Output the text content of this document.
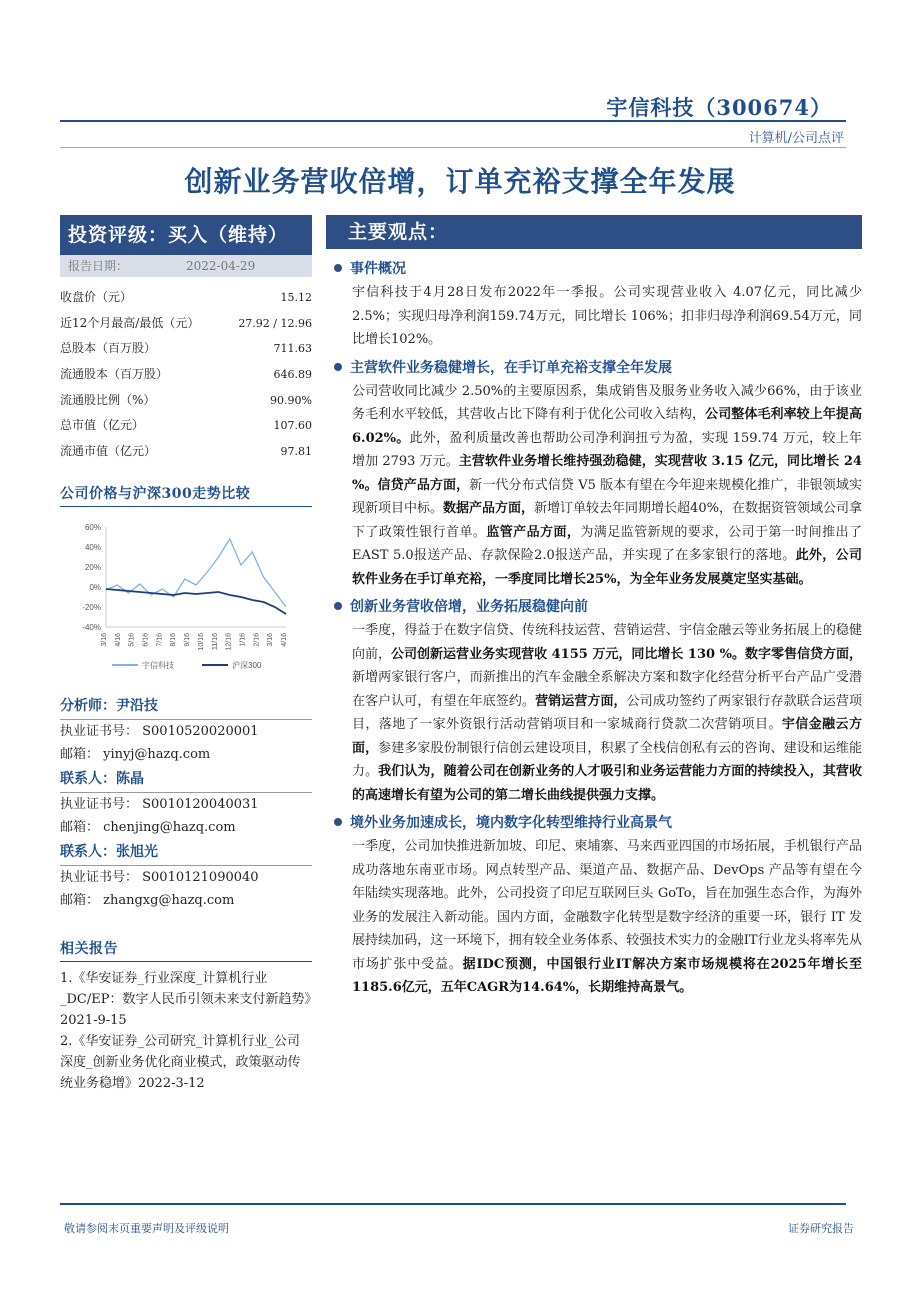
宇信科技（300674）
计算机/公司点评
创新业务营收倍增，订单充裕支撑全年发展
投资评级：买入（维持）
报告日期：	2022-04-29
收盘价（元）	15.12
近12个月最高/最低（元）	27.92 / 12.96
总股本（百万股）	711.63
流通股本（百万股）	646.89
流通股比例（%）	90.90%
总市值（亿元）	107.60
流通市值（亿元）	97.81
公司价格与沪深300走势比较
60%
40%
20%
0%
-20%
-40%
3/16 4/16 5/16 6/16 7/16 8/16 9/16 10/16 11/16 12/16 1/16 2/16 3/16 4/16
宇信科技	沪深300
分析师：尹沿技
执业证书号： S0010520020001
邮箱： yinyj@hazq.com
联系人：陈晶
执业证书号： S0010120040031
邮箱： chenjing@hazq.com
联系人：张旭光
执业证书号： S0010121090040
邮箱： zhangxg@hazq.com
相关报告
1.《华安证券_行业深度_计算机行业_DC/EP：数字人民币引领未来支付新趋势》2021-9-15
2.《华安证券_公司研究_计算机行业_公司深度_创新业务优化商业模式，政策驱动传统业务稳增》2022-3-12
主要观点：
事件概况
宇信科技于4月28日发布2022年一季报。公司实现营业收入 4.07亿元，同比减少2.5%；实现归母净利润159.74万元，同比增长 106%；扣非归母净利润69.54万元，同比增长102%。
主营软件业务稳健增长，在手订单充裕支撑全年发展
公司营收同比减少 2.50%的主要原因系，集成销售及服务业务收入减少66%，由于该业务毛利水平较低，其营收占比下降有利于优化公司收入结构，公司整体毛利率较上年提高 6.02%。此外，盈利质量改善也帮助公司净利润扭亏为盈，实现 159.74 万元，较上年增加 2793 万元。主营软件业务增长维持强劲稳健，实现营收 3.15 亿元，同比增长 24 %。信贷产品方面，新一代分布式信贷 V5 版本有望在今年迎来规模化推广，非银领域实现新项目中标。数据产品方面，新增订单较去年同期增长超40%，在数据资管领域公司拿下了政策性银行首单。监管产品方面，为满足监管新规的要求，公司于第一时间推出了EAST 5.0报送产品、存款保险2.0报送产品，并实现了在多家银行的落地。此外，公司软件业务在手订单充裕，一季度同比增长25%，为全年业务发展奠定坚实基础。
创新业务营收倍增，业务拓展稳健向前
一季度，得益于在数字信贷、传统科技运营、营销运营、宇信金融云等业务拓展上的稳健向前，公司创新运营业务实现营收 4155 万元，同比增长 130 %。数字零售信贷方面，新增两家银行客户，而新推出的汽车金融全系解决方案和数字化经营分析平台产品广受潜在客户认可，有望在年底签约。营销运营方面，公司成功签约了两家银行存款联合运营项目，落地了一家外资银行活动营销项目和一家城商行贷款二次营销项目。宇信金融云方面，参建多家股份制银行信创云建设项目，积累了全栈信创私有云的咨询、建设和运维能力。我们认为，随着公司在创新业务的人才吸引和业务运营能力方面的持续投入，其营收的高速增长有望为公司的第二增长曲线提供强力支撑。
境外业务加速成长，境内数字化转型维持行业高景气
一季度，公司加快推进新加坡、印尼、柬埔寨、马来西亚四国的市场拓展，手机银行产品成功落地东南亚市场。网点转型产品、渠道产品、数据产品、DevOps 产品等有望在今年陆续实现落地。此外，公司投资了印尼互联网巨头 GoTo，旨在加强生态合作，为海外业务的发展注入新动能。国内方面，金融数字化转型是数字经济的重要一环，银行 IT 发展持续加码，这一环境下，拥有较全业务体系、较强技术实力的金融IT行业龙头将率先从市场扩张中受益。据IDC预测，中国银行业IT解决方案市场规模将在2025年增长至1185.6亿元，五年CAGR为14.64%，长期维持高景气。
敬请参阅末页重要声明及评级说明	证券研究报告
